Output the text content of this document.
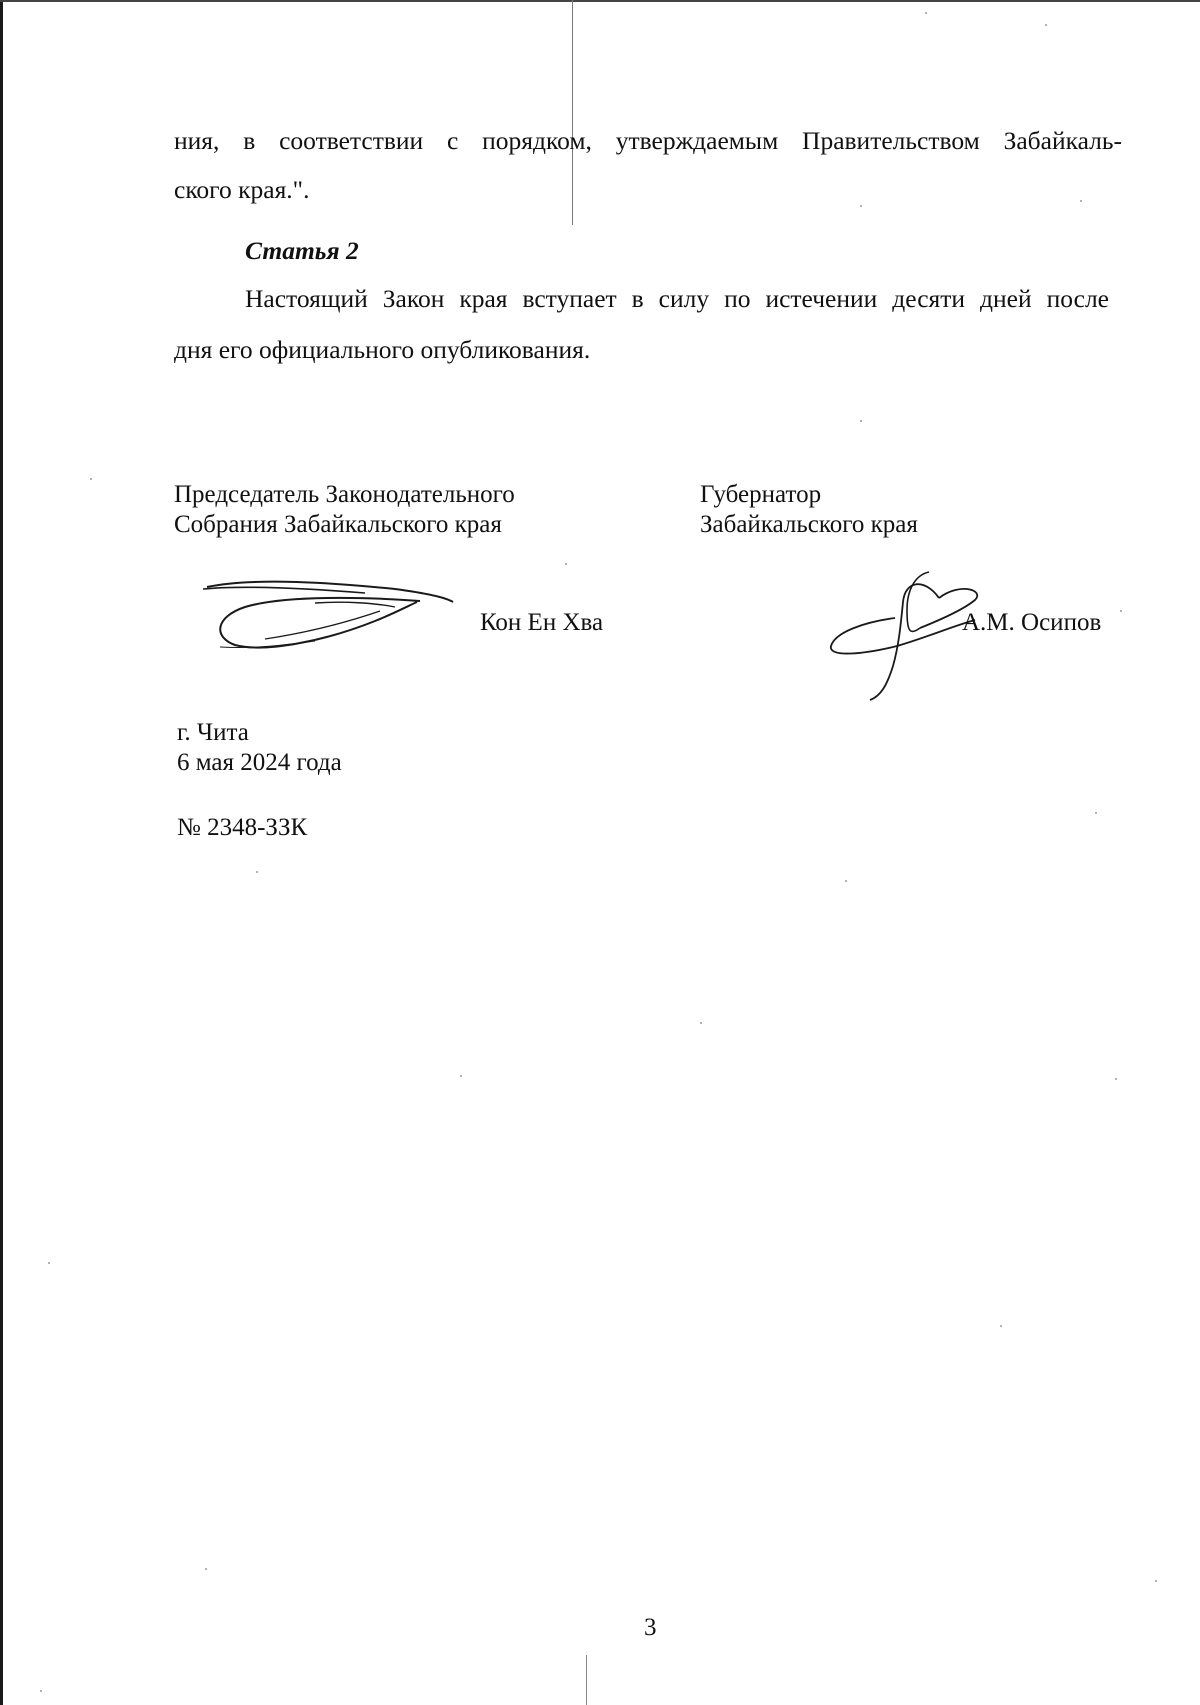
ния, в соответствии с порядком, утверждаемым Правительством Забайкаль-
ского края.".
Статья 2
Настоящий Закон края вступает в силу по истечении десяти дней после
дня его официального опубликования.
Председатель Законодательного
Собрания Забайкальского края
Губернатор
Забайкальского края
Кон Ен Хва	А.М. Осипов
г. Чита
6 мая 2024 года
№ 2348-ЗЗК
3
